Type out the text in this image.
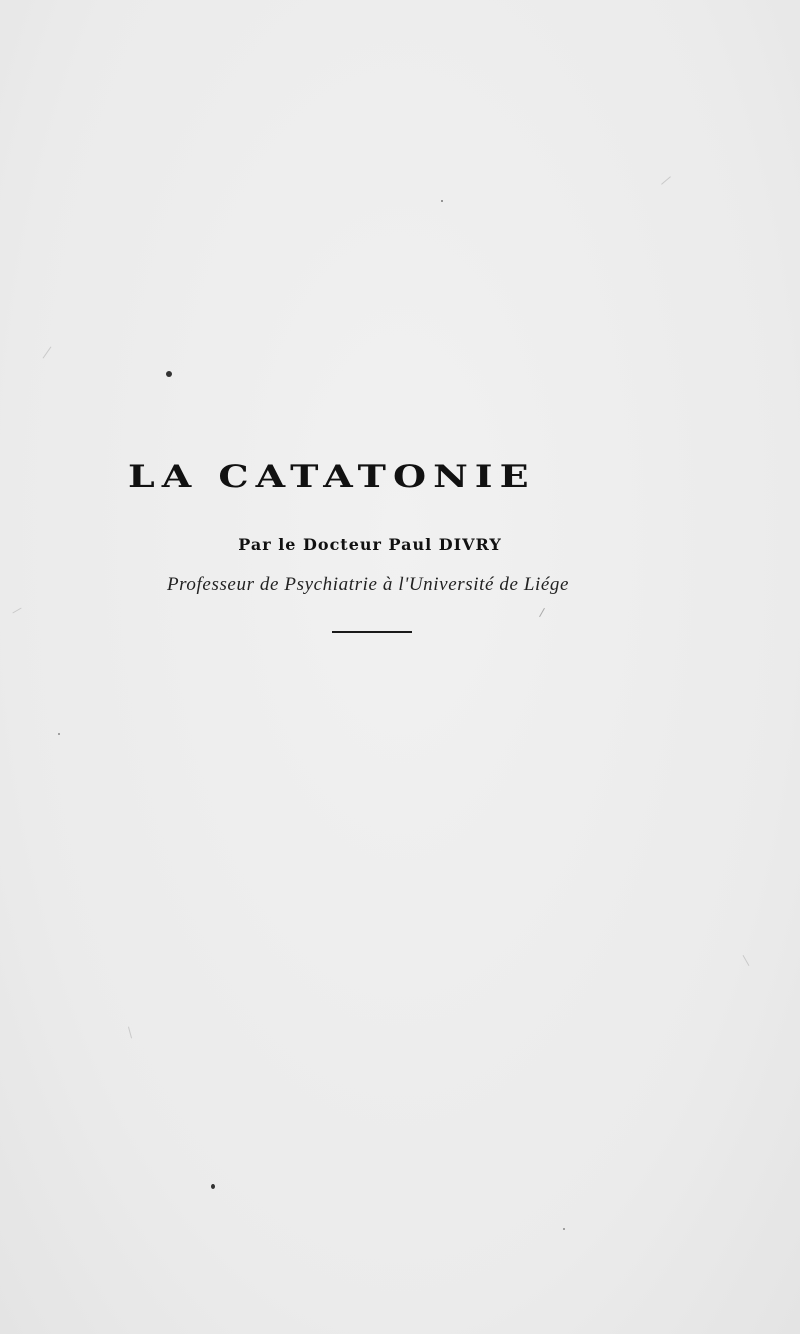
LA CATATONIE
Par le Docteur Paul DIVRY
Professeur de Psychiatrie à l'Université de Liége
